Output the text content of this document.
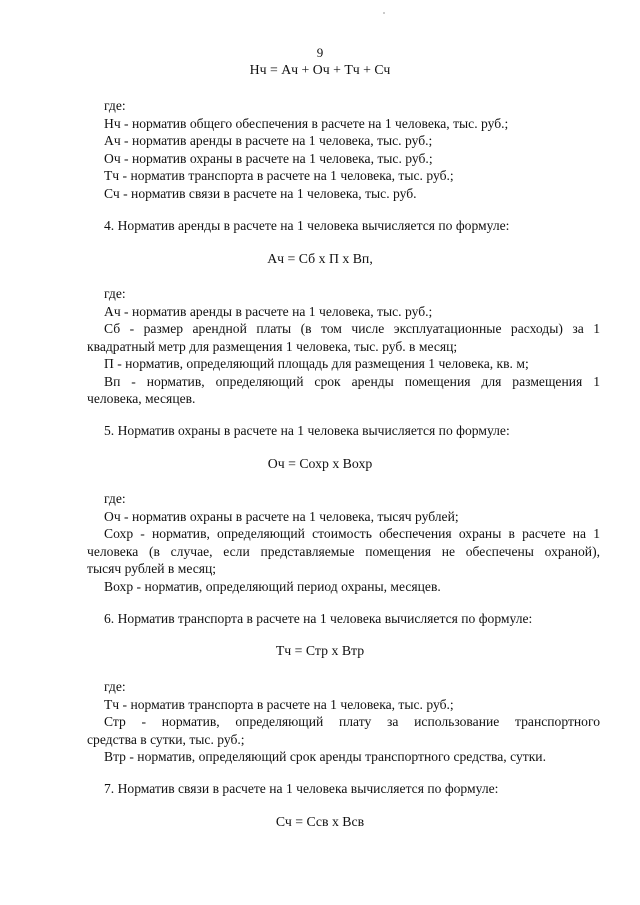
9
Нч = Ач + Оч + Тч + Сч
где:
Нч - норматив общего обеспечения в расчете на 1 человека, тыс. руб.;
Ач - норматив аренды в расчете на 1 человека, тыс. руб.;
Оч - норматив охраны в расчете на 1 человека, тыс. руб.;
Тч - норматив транспорта в расчете на 1 человека, тыс. руб.;
Сч - норматив связи в расчете на 1 человека, тыс. руб.
4. Норматив аренды в расчете на 1 человека вычисляется по формуле:
Ач = Сб х П х Вп,
где:
Ач - норматив аренды в расчете на 1 человека, тыс. руб.;
Сб - размер арендной платы (в том числе эксплуатационные расходы) за 1
квадратный метр для размещения 1 человека, тыс. руб. в месяц;
П - норматив, определяющий площадь для размещения 1 человека, кв. м;
Вп - норматив, определяющий срок аренды помещения для размещения 1
человека, месяцев.
5. Норматив охраны в расчете на 1 человека вычисляется по формуле:
Оч = Сохр х Вохр
где:
Оч - норматив охраны в расчете на 1 человека, тысяч рублей;
Сохр - норматив, определяющий стоимость обеспечения охраны в расчете на 1
человека (в случае, если представляемые помещения не обеспечены охраной),
тысяч рублей в месяц;
Вохр - норматив, определяющий период охраны, месяцев.
6. Норматив транспорта в расчете на 1 человека вычисляется по формуле:
Тч = Стр х Втр
где:
Тч - норматив транспорта в расчете на 1 человека, тыс. руб.;
Стр - норматив, определяющий плату за использование транспортного
средства в сутки, тыс. руб.;
Втр - норматив, определяющий срок аренды транспортного средства, сутки.
7. Норматив связи в расчете на 1 человека вычисляется по формуле:
Сч = Ссв х Всв
